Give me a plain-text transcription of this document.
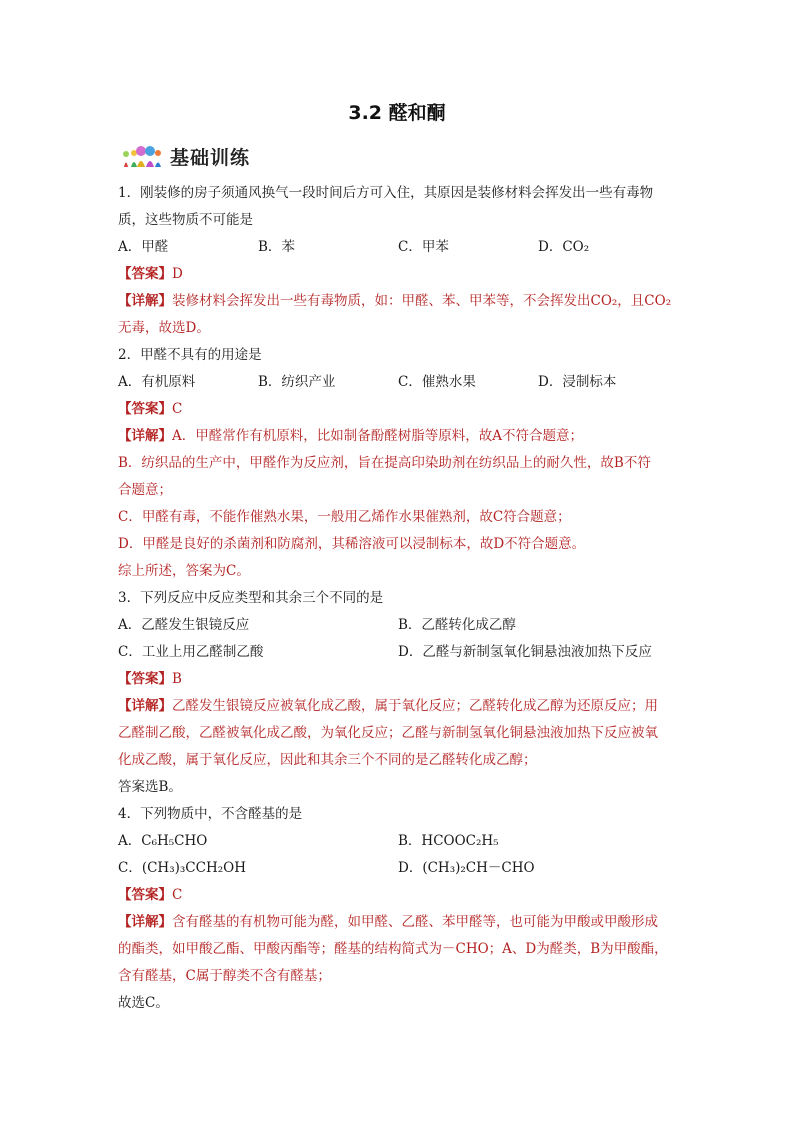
3.2 醛和酮
基础训练
1．刚装修的房子须通风换气一段时间后方可入住，其原因是装修材料会挥发出一些有毒物
质，这些物质不可能是
A．甲醛	B．苯	C．甲苯	D．CO₂
【答案】D
【详解】装修材料会挥发出一些有毒物质，如：甲醛、苯、甲苯等，不会挥发出CO₂，且CO₂
无毒，故选D。
2．甲醛不具有的用途是
A．有机原料	B．纺织产业	C．催熟水果	D．浸制标本
【答案】C
【详解】A．甲醛常作有机原料，比如制备酚醛树脂等原料，故A不符合题意；
B．纺织品的生产中，甲醛作为反应剂，旨在提高印染助剂在纺织品上的耐久性，故B不符
合题意；
C．甲醛有毒，不能作催熟水果，一般用乙烯作水果催熟剂，故C符合题意；
D．甲醛是良好的杀菌剂和防腐剂，其稀溶液可以浸制标本，故D不符合题意。
综上所述，答案为C。
3．下列反应中反应类型和其余三个不同的是
A．乙醛发生银镜反应	B．乙醛转化成乙醇
C．工业上用乙醛制乙酸	D．乙醛与新制氢氧化铜悬浊液加热下反应
【答案】B
【详解】乙醛发生银镜反应被氧化成乙酸，属于氧化反应；乙醛转化成乙醇为还原反应；用
乙醛制乙酸，乙醛被氧化成乙酸，为氧化反应；乙醛与新制氢氧化铜悬浊液加热下反应被氧
化成乙酸，属于氧化反应，因此和其余三个不同的是乙醛转化成乙醇；
答案选B。
4．下列物质中，不含醛基的是
A．C₆H₅CHO	B．HCOOC₂H₅
C．(CH₃)₃CCH₂OH	D．(CH₃)₂CH－CHO
【答案】C
【详解】含有醛基的有机物可能为醛，如甲醛、乙醛、苯甲醛等，也可能为甲酸或甲酸形成
的酯类，如甲酸乙酯、甲酸丙酯等；醛基的结构简式为－CHO；A、D为醛类，B为甲酸酯，
含有醛基，C属于醇类不含有醛基；
故选C。
